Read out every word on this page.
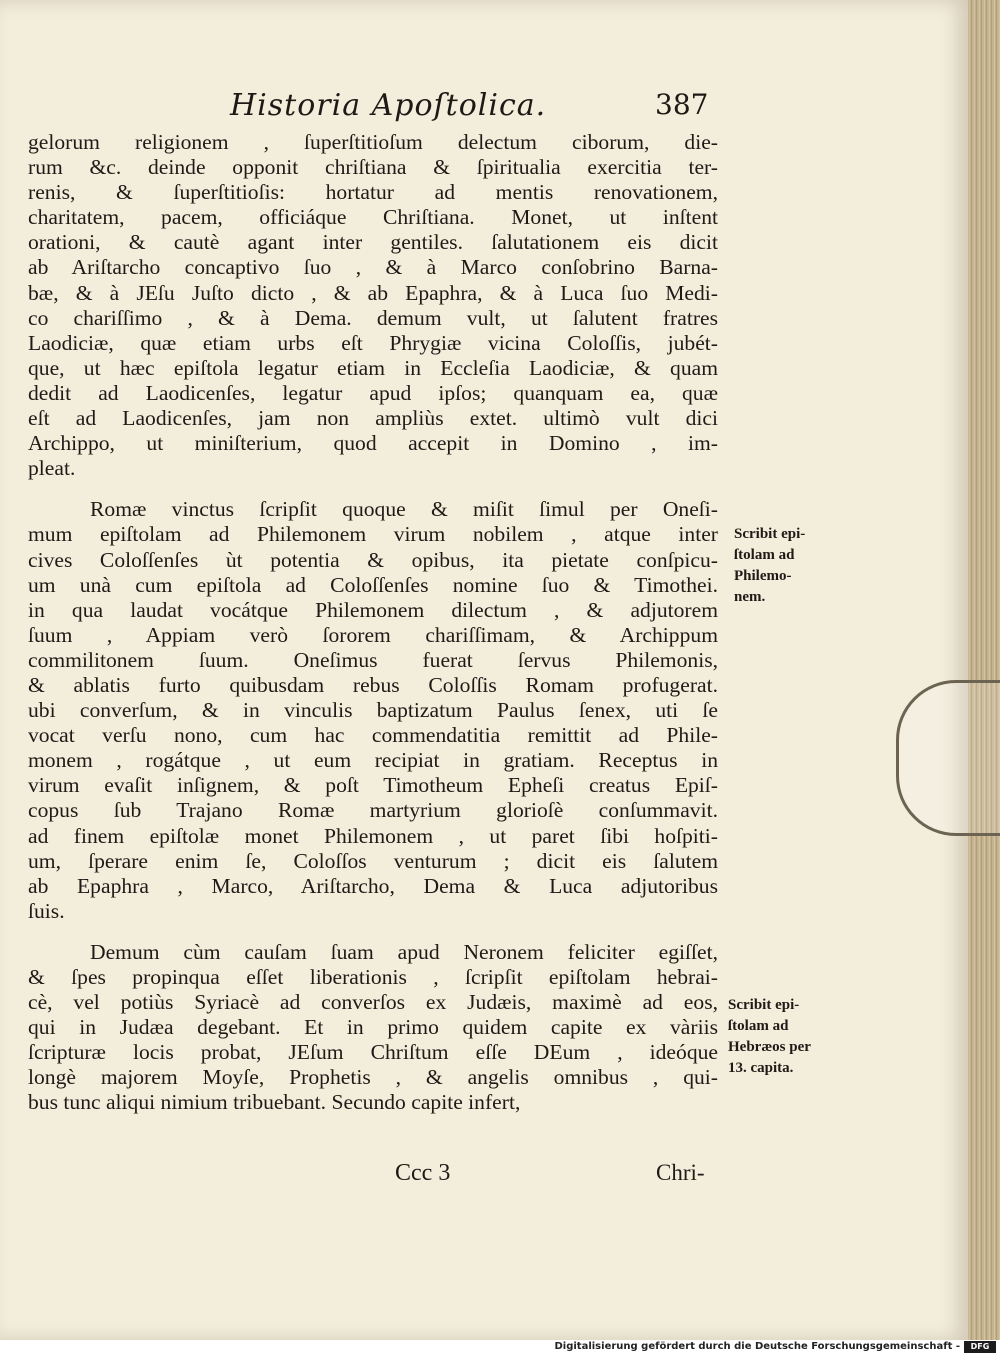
Historia Apoſtolica.	387
gelorum religionem , ſuperſtitioſum delectum ciborum, die-
rum &c. deinde opponit chriſtiana & ſpiritualia exercitia ter-
renis, & ſuperſtitioſis: hortatur ad mentis renovationem,
charitatem, pacem, officiáque Chriſtiana. Monet, ut inſtent
orationi, & cautè agant inter gentiles. ſalutationem eis dicit
ab Ariſtarcho concaptivo ſuo , & à Marco conſobrino Barna-
bæ, & à JEſu Juſto dicto , & ab Epaphra, & à Luca ſuo Medi-
co chariſſimo , & à Dema. demum vult, ut ſalutent fratres
Laodiciæ, quæ etiam urbs eſt Phrygiæ vicina Coloſſis, jubét-
que, ut hæc epiſtola legatur etiam in Eccleſia Laodiciæ, & quam
dedit ad Laodicenſes, legatur apud ipſos; quanquam ea, quæ
eſt ad Laodicenſes, jam non ampliùs extet. ultimò vult dici
Archippo, ut miniſterium, quod accepit in Domino , im-
pleat.
Romæ vinctus ſcripſit quoque & miſit ſimul per Oneſi-
mum epiſtolam ad Philemonem virum nobilem , atque inter
cives Coloſſenſes ùt potentia & opibus, ita pietate conſpicu-
um unà cum epiſtola ad Coloſſenſes nomine ſuo & Timothei.
in qua laudat vocátque Philemonem dilectum , & adjutorem
ſuum , Appiam verò ſororem chariſſimam, & Archippum
commilitonem ſuum. Oneſimus fuerat ſervus Philemonis,
& ablatis furto quibusdam rebus Coloſſis Romam profugerat.
ubi converſum, & in vinculis baptizatum Paulus ſenex, uti ſe
vocat verſu nono, cum hac commendatitia remittit ad Phile-
monem , rogátque , ut eum recipiat in gratiam. Receptus in
virum evaſit inſignem, & poſt Timotheum Epheſi creatus Epiſ-
copus ſub Trajano Romæ martyrium glorioſè conſummavit.
ad finem epiſtolæ monet Philemonem , ut paret ſibi hoſpiti-
um, ſperare enim ſe, Coloſſos venturum ; dicit eis ſalutem
ab Epaphra , Marco, Ariſtarcho, Dema & Luca adjutoribus
ſuis.
Demum cùm cauſam ſuam apud Neronem feliciter egiſſet,
& ſpes propinqua eſſet liberationis , ſcripſit epiſtolam hebrai-
cè, vel potiùs Syriacè ad converſos ex Judæis, maximè ad eos,
qui in Judæa degebant. Et in primo quidem capite ex vàriis
ſcripturæ locis probat, JEſum Chriſtum eſſe DEum , ideóque
longè majorem Moyſe, Prophetis , & angelis omnibus , qui-
bus tunc aliqui nimium tribuebant. Secundo capite infert,
Scribit epi-
ſtolam ad
Philemo-
nem.
Scribit epi-
ſtolam ad
Hebræos per
13. capita.
Ccc 3	Chri-
Digitalisierung gefördert durch die Deutsche Forschungsgemeinschaft -	DFG
